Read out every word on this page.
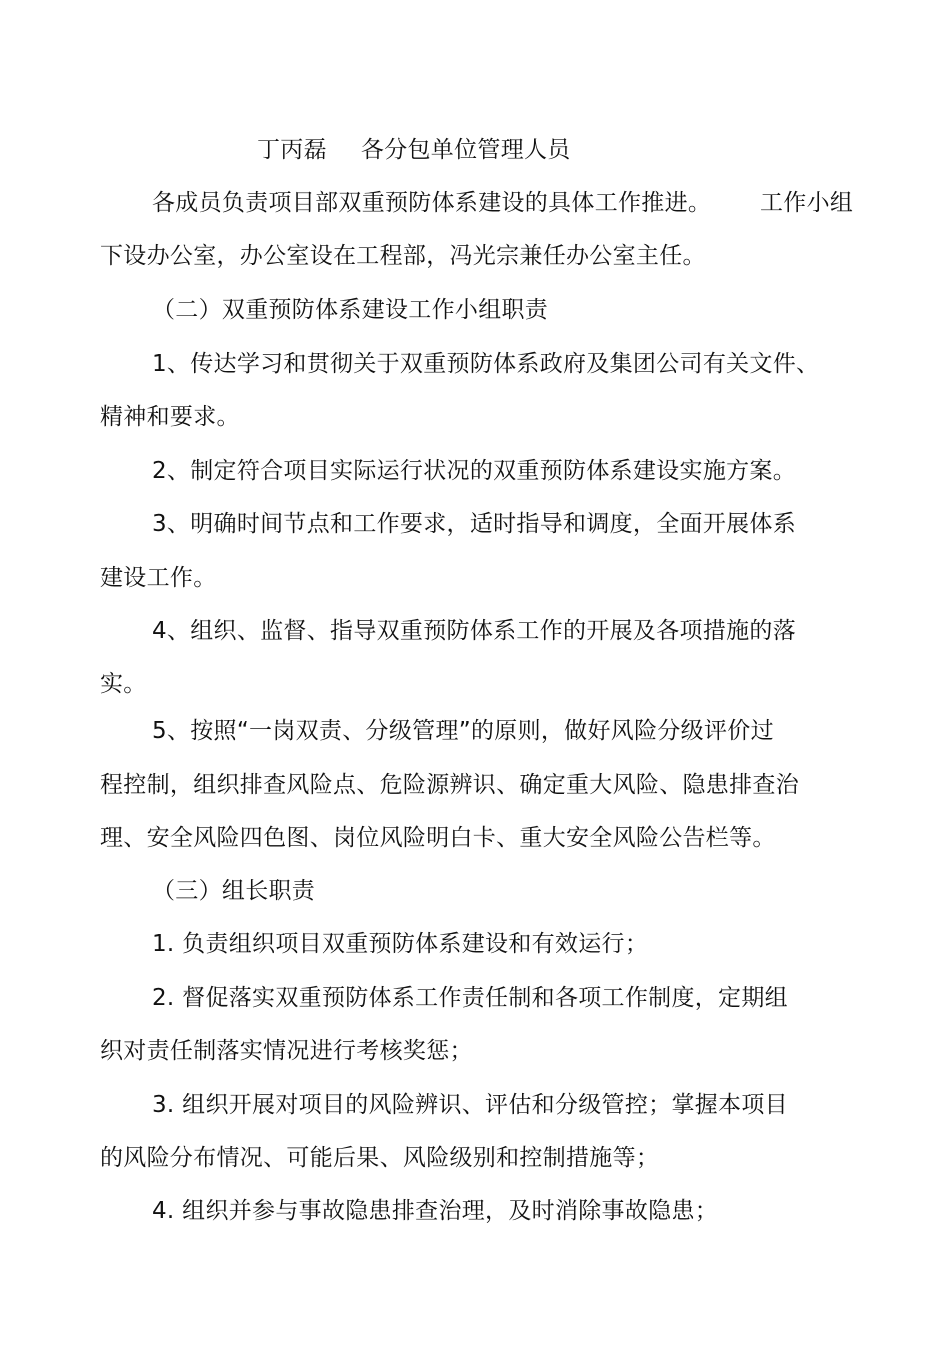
丁丙磊 各分包单位管理人员
各成员负责项目部双重预防体系建设的具体工作推进。 工作小组
下设办公室，办公室设在工程部，冯光宗兼任办公室主任。
（二）双重预防体系建设工作小组职责
1、传达学习和贯彻关于双重预防体系政府及集团公司有关文件、
精神和要求。
2、制定符合项目实际运行状况的双重预防体系建设实施方案。
3、明确时间节点和工作要求，适时指导和调度，全面开展体系
建设工作。
4、组织、监督、指导双重预防体系工作的开展及各项措施的落
实。
5、按照“一岗双责、分级管理”的原则，做好风险分级评价过
程控制，组织排查风险点、危险源辨识、确定重大风险、隐患排查治
理、安全风险四色图、岗位风险明白卡、重大安全风险公告栏等。
（三）组长职责
1. 负责组织项目双重预防体系建设和有效运行；
2. 督促落实双重预防体系工作责任制和各项工作制度，定期组
织对责任制落实情况进行考核奖惩；
3. 组织开展对项目的风险辨识、评估和分级管控；掌握本项目
的风险分布情况、可能后果、风险级别和控制措施等；
4. 组织并参与事故隐患排查治理，及时消除事故隐患；
